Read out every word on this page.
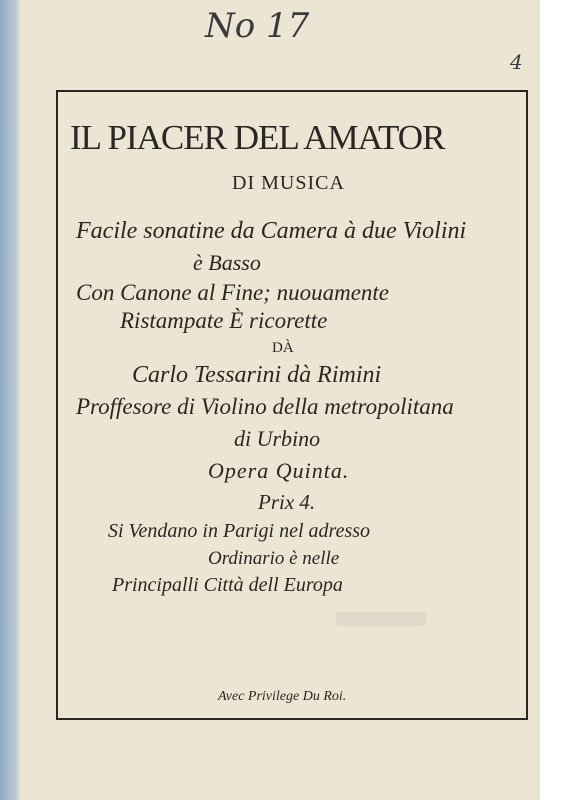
No 17
4
IL PIACER DEL AMATOR
DI MUSICA
Facile sonatine da Camera à due Violini
è Basso
Con Canone al Fine; nuouamente
Ristampate È ricorette
DÀ
Carlo Tessarini dà Rimini
Proffesore di Violino della metropolitana
di Urbino
Opera Quinta.
Prix 4.
Si Vendano in Parigi nel adresso
Ordinario è nelle
Principalli Città dell Europa
Avec Privilege Du Roi.
